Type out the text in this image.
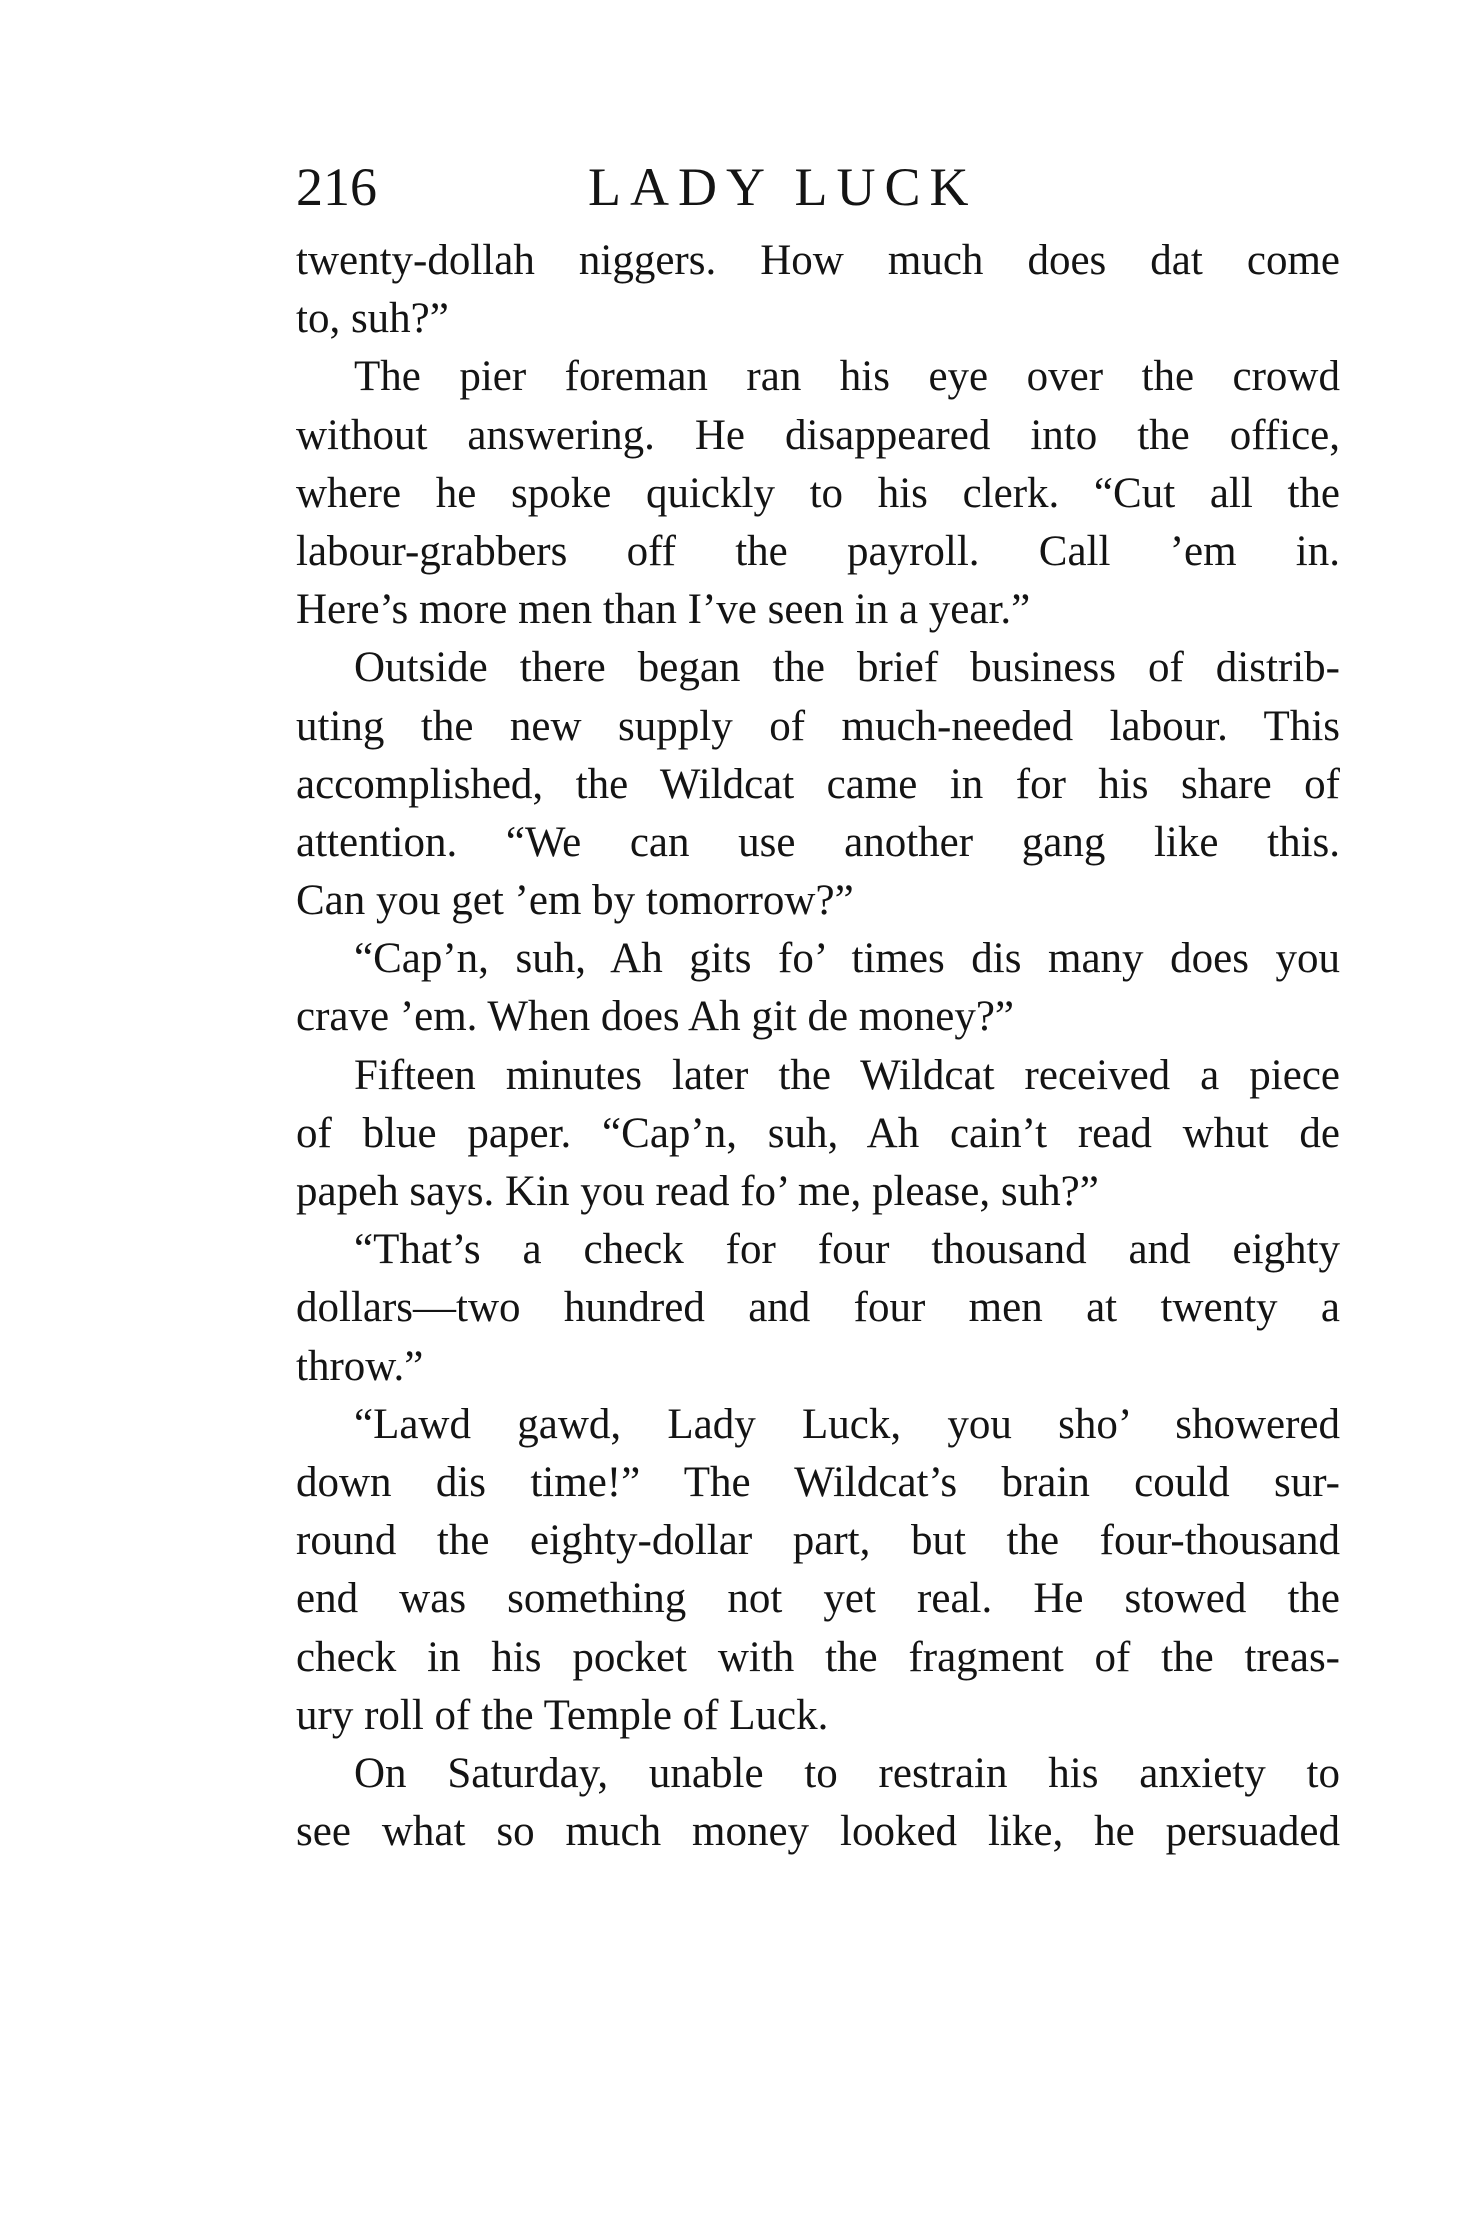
216	LADY LUCK
twenty-dollah niggers. How much does dat come
to, suh?”
The pier foreman ran his eye over the crowd
without answering. He disappeared into the office,
where he spoke quickly to his clerk. “Cut all the
labour-grabbers off the payroll. Call ’em in.
Here’s more men than I’ve seen in a year.”
Outside there began the brief business of distrib-
uting the new supply of much-needed labour. This
accomplished, the Wildcat came in for his share of
attention. “We can use another gang like this.
Can you get ’em by tomorrow?”
“Cap’n, suh, Ah gits fo’ times dis many does you
crave ’em. When does Ah git de money?”
Fifteen minutes later the Wildcat received a piece
of blue paper. “Cap’n, suh, Ah cain’t read whut de
papeh says. Kin you read fo’ me, please, suh?”
“That’s a check for four thousand and eighty
dollars—two hundred and four men at twenty a
throw.”
“Lawd gawd, Lady Luck, you sho’ showered
down dis time!” The Wildcat’s brain could sur-
round the eighty-dollar part, but the four-thousand
end was something not yet real. He stowed the
check in his pocket with the fragment of the treas-
ury roll of the Temple of Luck.
On Saturday, unable to restrain his anxiety to
see what so much money looked like, he persuaded
